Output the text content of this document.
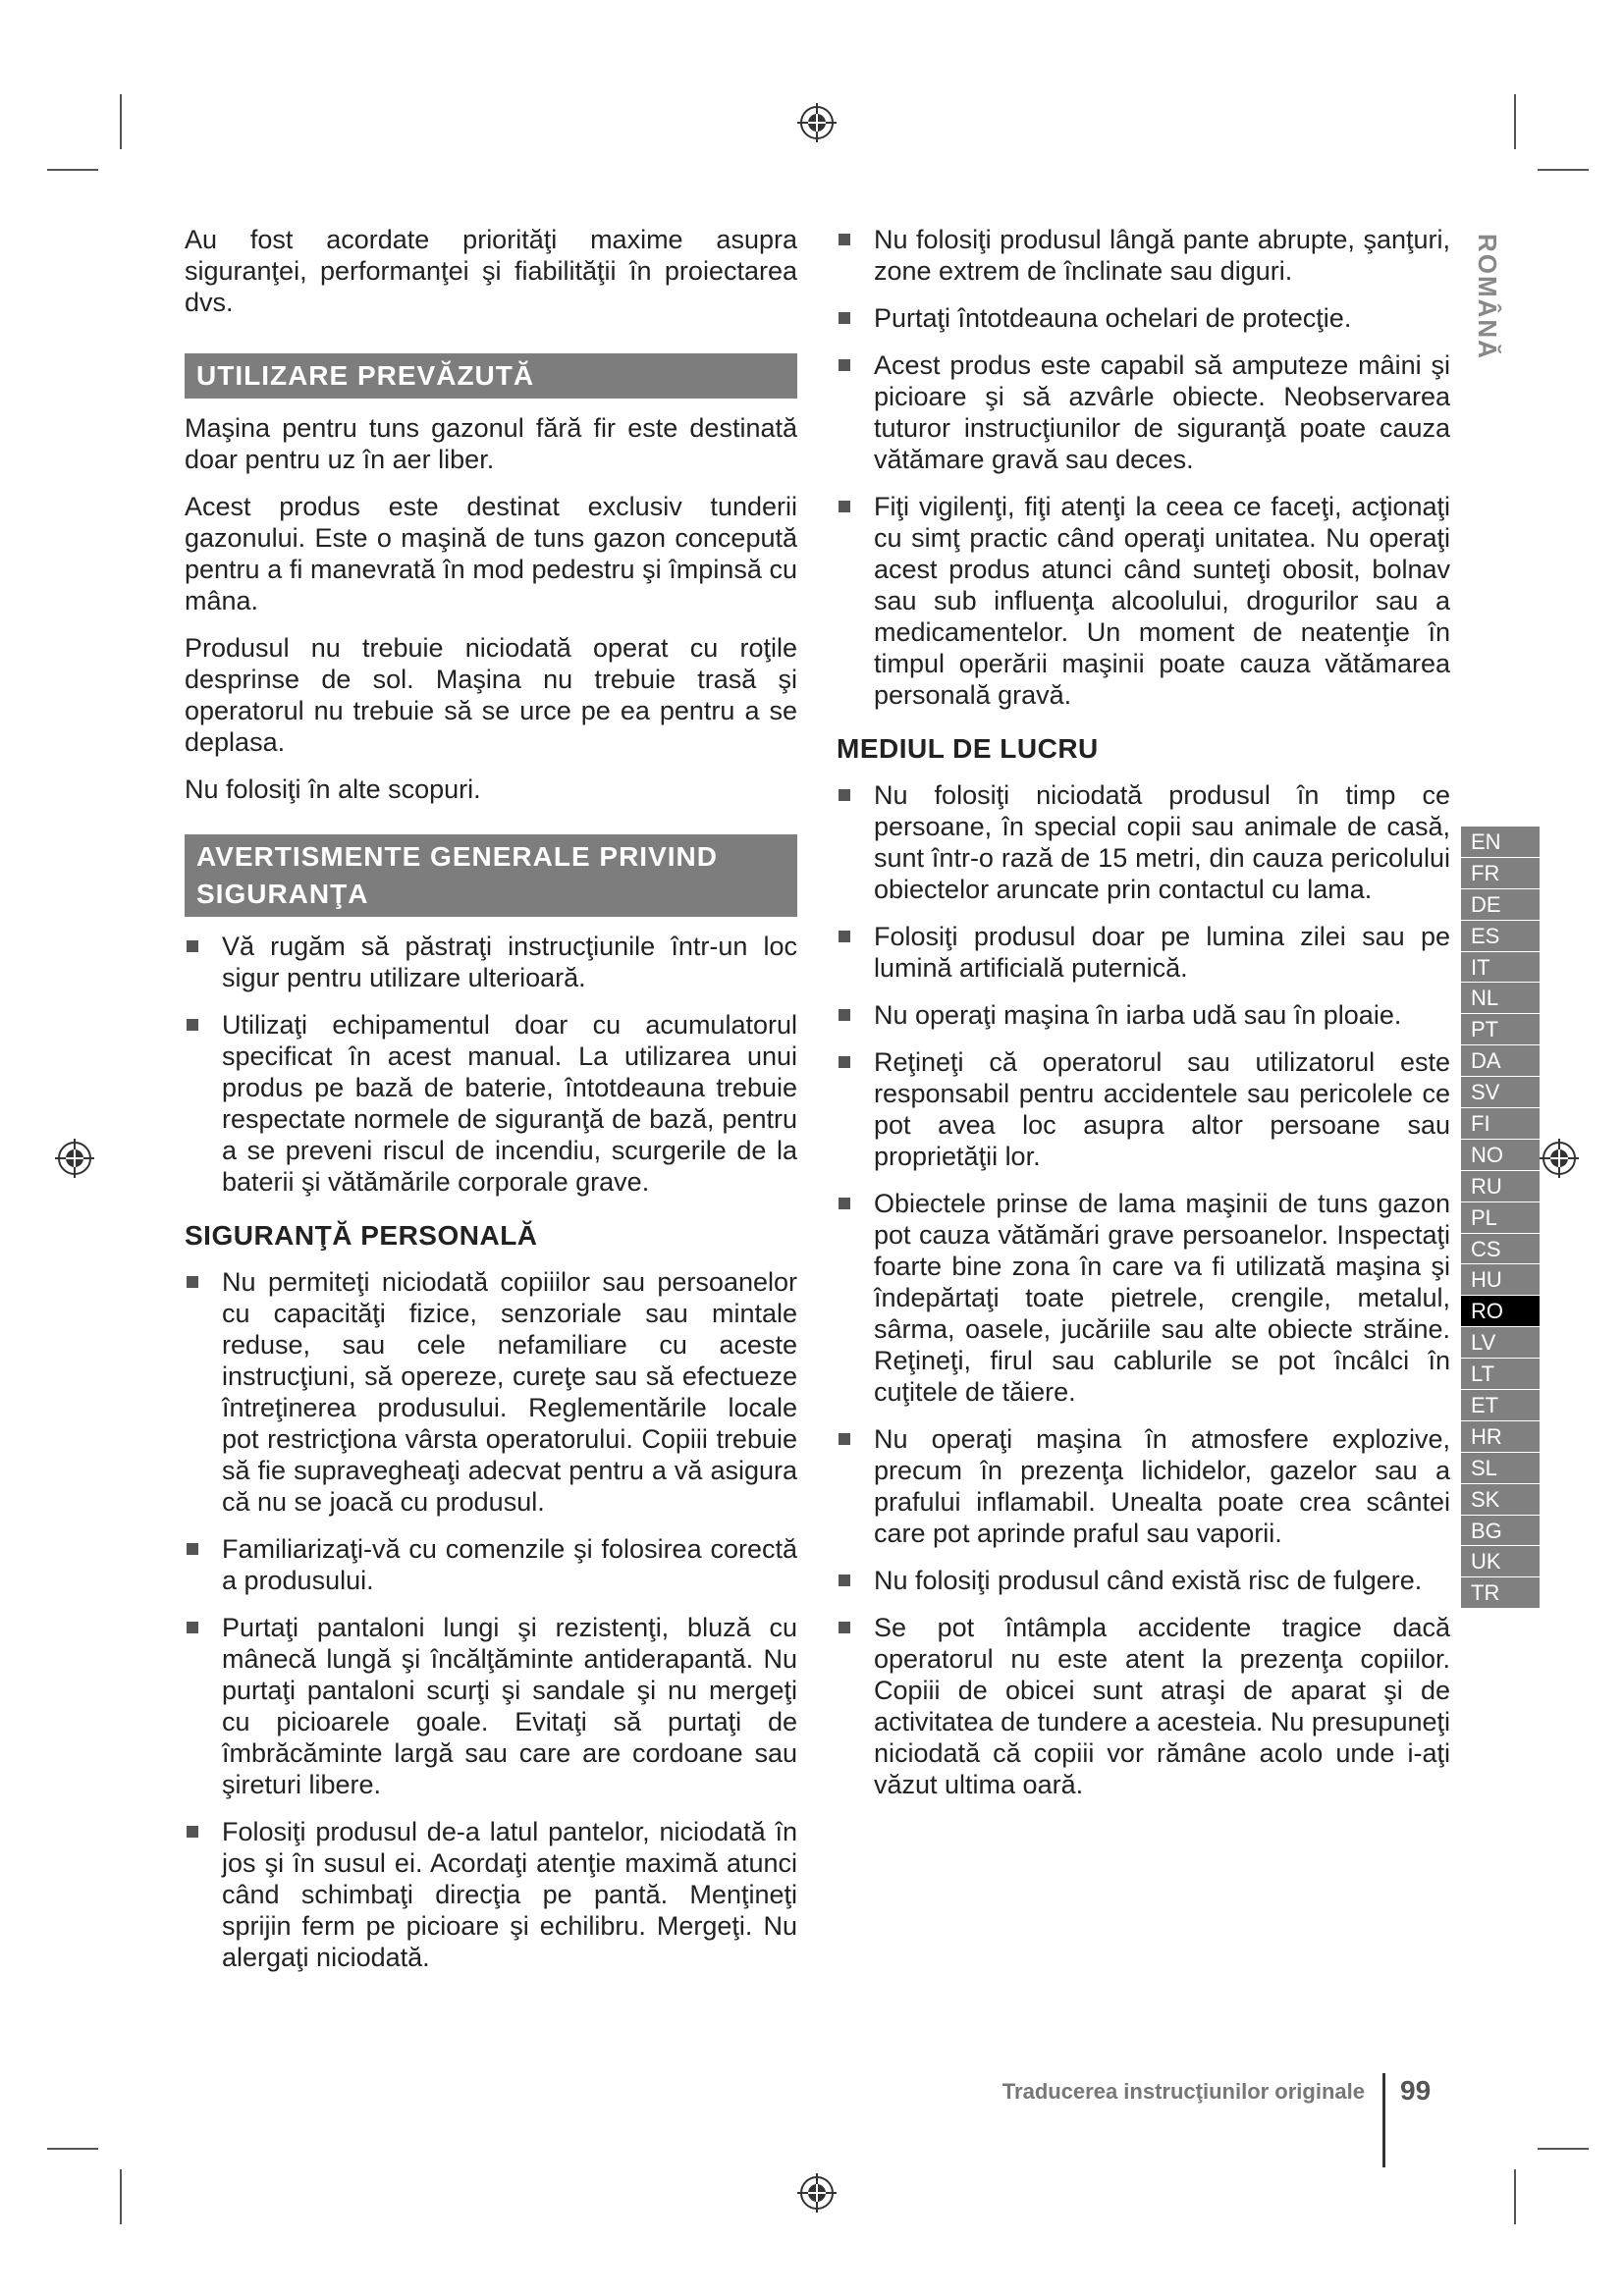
Au fost acordate priorităţi maxime asupra siguranţei, performanţei şi fiabilităţii în proiectarea dvs.

UTILIZARE PREVĂZUTĂ

Maşina pentru tuns gazonul fără fir este destinată doar pentru uz în aer liber.

Acest produs este destinat exclusiv tunderii gazonului. Este o maşină de tuns gazon concepută pentru a fi manevrată în mod pedestru şi împinsă cu mâna.

Produsul nu trebuie niciodată operat cu roţile desprinse de sol. Maşina nu trebuie trasă şi operatorul nu trebuie să se urce pe ea pentru a se deplasa.

Nu folosiţi în alte scopuri.

AVERTISMENTE GENERALE PRIVIND
SIGURANŢA
Vă rugăm să păstraţi instrucţiunile într-un loc sigur pentru utilizare ulterioară.
Utilizaţi echipamentul doar cu acumulatorul specificat în acest manual. La utilizarea unui produs pe bază de baterie, întotdeauna trebuie respectate normele de siguranţă de bază, pentru a se preveni riscul de incendiu, scurgerile de la baterii şi vătămările corporale grave.
SIGURANŢĂ PERSONALĂ
Nu permiteţi niciodată copiiilor sau persoanelor cu capacităţi fizice, senzoriale sau mintale reduse, sau cele nefamiliare cu aceste instrucţiuni, să opereze, cureţe sau să efectueze întreţinerea produsului. Reglementările locale pot restricţiona vârsta operatorului. Copiii trebuie să fie supravegheaţi adecvat pentru a vă asigura că nu se joacă cu produsul.
Familiarizaţi-vă cu comenzile şi folosirea corectă a produsului.
Purtaţi pantaloni lungi şi rezistenţi, bluză cu mânecă lungă şi încălţăminte antiderapantă. Nu purtaţi pantaloni scurţi şi sandale şi nu mergeţi cu picioarele goale. Evitaţi să purtaţi de îmbrăcăminte largă sau care are cordoane sau şireturi libere.
Folosiţi produsul de-a latul pantelor, niciodată în jos şi în susul ei. Acordaţi atenţie maximă atunci când schimbaţi direcţia pe pantă. Menţineţi sprijin ferm pe picioare şi echilibru. Mergeţi. Nu alergaţi niciodată.
Nu folosiţi produsul lângă pante abrupte, şanţuri, zone extrem de înclinate sau diguri.
Purtaţi întotdeauna ochelari de protecţie.
Acest produs este capabil să amputeze mâini şi picioare şi să azvârle obiecte. Neobservarea tuturor instrucţiunilor de siguranţă poate cauza vătămare gravă sau deces.
Fiţi vigilenţi, fiţi atenţi la ceea ce faceţi, acţionaţi cu simţ practic când operaţi unitatea. Nu operaţi acest produs atunci când sunteţi obosit, bolnav sau sub influenţa alcoolului, drogurilor sau a medicamentelor. Un moment de neatenţie în timpul operării maşinii poate cauza vătămarea personală gravă.
MEDIUL DE LUCRU
Nu folosiţi niciodată produsul în timp ce persoane, în special copii sau animale de casă, sunt într-o rază de 15 metri, din cauza pericolului obiectelor aruncate prin contactul cu lama.
Folosiţi produsul doar pe lumina zilei sau pe lumină artificială puternică.
Nu operaţi maşina în iarba udă sau în ploaie.
Reţineţi că operatorul sau utilizatorul este responsabil pentru accidentele sau pericolele ce pot avea loc asupra altor persoane sau proprietăţii lor.
Obiectele prinse de lama maşinii de tuns gazon pot cauza vătămări grave persoanelor. Inspectaţi foarte bine zona în care va fi utilizată maşina şi îndepărtaţi toate pietrele, crengile, metalul, sârma, oasele, jucăriile sau alte obiecte străine. Reţineţi, firul sau cablurile se pot încâlci în cuţitele de tăiere.
Nu operaţi maşina în atmosfere explozive, precum în prezenţa lichidelor, gazelor sau a prafului inflamabil. Unealta poate crea scântei care pot aprinde praful sau vaporii.
Nu folosiţi produsul când există risc de fulgere.
Se pot întâmpla accidente tragice dacă operatorul nu este atent la prezenţa copiilor. Copiii de obicei sunt atraşi de aparat şi de activitatea de tundere a acesteia. Nu presupuneţi niciodată că copiii vor rămâne acolo unde i-aţi văzut ultima oară.
ROMÂNĂ
EN
FR
DE
ES
IT
NL
PT
DA
SV
FI
NO
RU
PL
CS
HU
RO
LV
LT
ET
HR
SL
SK
BG
UK
TR
Traducerea instrucţiunilor originale 99
